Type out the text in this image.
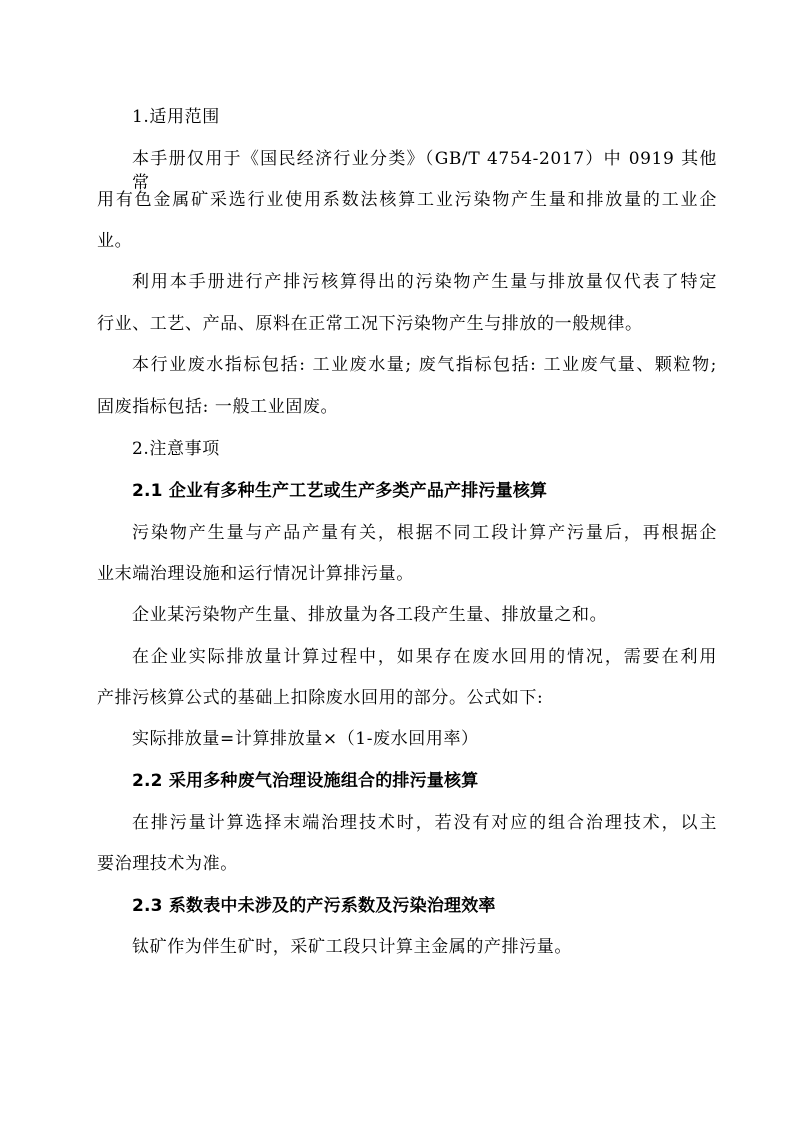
1.适用范围
本手册仅用于《国民经济行业分类》（GB/T 4754-2017）中 0919 其他常
用有色金属矿采选行业使用系数法核算工业污染物产生量和排放量的工业企
业。
利用本手册进行产排污核算得出的污染物产生量与排放量仅代表了特定
行业、工艺、产品、原料在正常工况下污染物产生与排放的一般规律。
本行业废水指标包括: 工业废水量; 废气指标包括: 工业废气量、颗粒物;
固废指标包括: 一般工业固废。
2.注意事项
2.1 企业有多种生产工艺或生产多类产品产排污量核算
污染物产生量与产品产量有关，根据不同工段计算产污量后，再根据企
业末端治理设施和运行情况计算排污量。
企业某污染物产生量、排放量为各工段产生量、排放量之和。
在企业实际排放量计算过程中，如果存在废水回用的情况，需要在利用
产排污核算公式的基础上扣除废水回用的部分。公式如下:
实际排放量=计算排放量×（1-废水回用率）
2.2 采用多种废气治理设施组合的排污量核算
在排污量计算选择末端治理技术时，若没有对应的组合治理技术，以主
要治理技术为准。
2.3 系数表中未涉及的产污系数及污染治理效率
钛矿作为伴生矿时，采矿工段只计算主金属的产排污量。
